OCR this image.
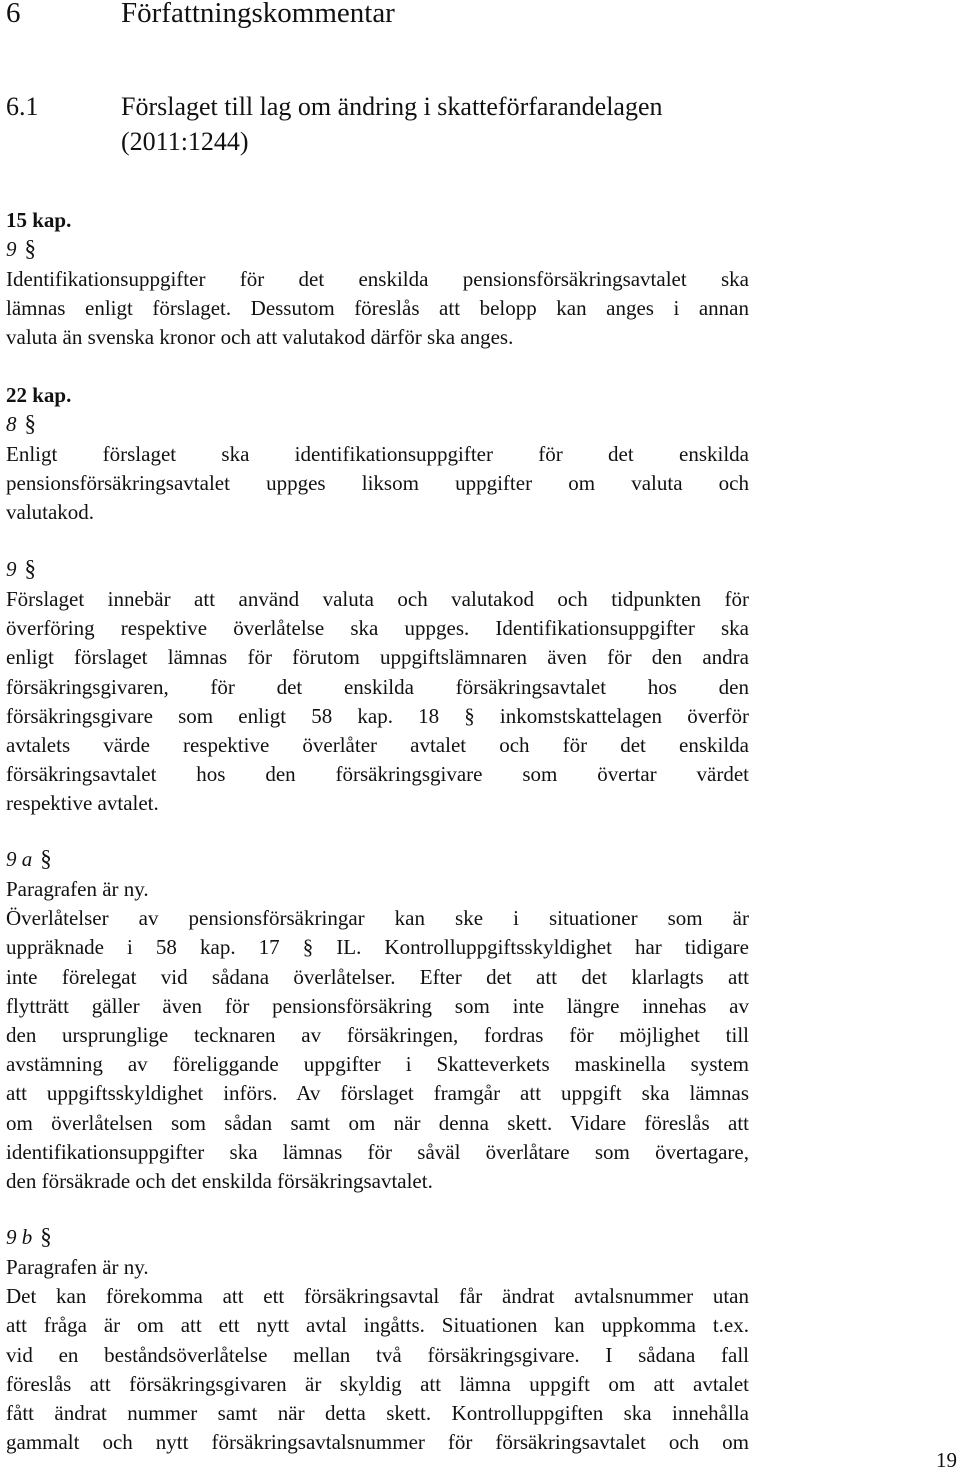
6	Författningskommentar
6.1	Förslaget till lag om ändring i skatteförfarandelagen
(2011:1244)
15 kap.
9 §
Identifikationsuppgifter för det enskilda pensionsförsäkringsavtalet ska
lämnas enligt förslaget. Dessutom föreslås att belopp kan anges i annan
valuta än svenska kronor och att valutakod därför ska anges.
22 kap.
8 §
Enligt förslaget ska identifikationsuppgifter för det enskilda
pensionsförsäkringsavtalet uppges liksom uppgifter om valuta och
valutakod.
9 §
Förslaget innebär att använd valuta och valutakod och tidpunkten för
överföring respektive överlåtelse ska uppges. Identifikationsuppgifter ska
enligt förslaget lämnas för förutom uppgiftslämnaren även för den andra
försäkringsgivaren, för det enskilda försäkringsavtalet hos den
försäkringsgivare som enligt 58 kap. 18 § inkomstskattelagen överför
avtalets värde respektive överlåter avtalet och för det enskilda
försäkringsavtalet hos den försäkringsgivare som övertar värdet
respektive avtalet.
9 a §
Paragrafen är ny.
Överlåtelser av pensionsförsäkringar kan ske i situationer som är
uppräknade i 58 kap. 17 § IL. Kontrolluppgiftsskyldighet har tidigare
inte förelegat vid sådana överlåtelser. Efter det att det klarlagts att
flytträtt gäller även för pensionsförsäkring som inte längre innehas av
den ursprunglige tecknaren av försäkringen, fordras för möjlighet till
avstämning av föreliggande uppgifter i Skatteverkets maskinella system
att uppgiftsskyldighet införs. Av förslaget framgår att uppgift ska lämnas
om överlåtelsen som sådan samt om när denna skett. Vidare föreslås att
identifikationsuppgifter ska lämnas för såväl överlåtare som övertagare,
den försäkrade och det enskilda försäkringsavtalet.
9 b §
Paragrafen är ny.
Det kan förekomma att ett försäkringsavtal får ändrat avtalsnummer utan
att fråga är om att ett nytt avtal ingåtts. Situationen kan uppkomma t.ex.
vid en beståndsöverlåtelse mellan två försäkringsgivare. I sådana fall
föreslås att försäkringsgivaren är skyldig att lämna uppgift om att avtalet
fått ändrat nummer samt när detta skett. Kontrolluppgiften ska innehålla
gammalt och nytt försäkringsavtalsnummer för försäkringsavtalet och om
19
